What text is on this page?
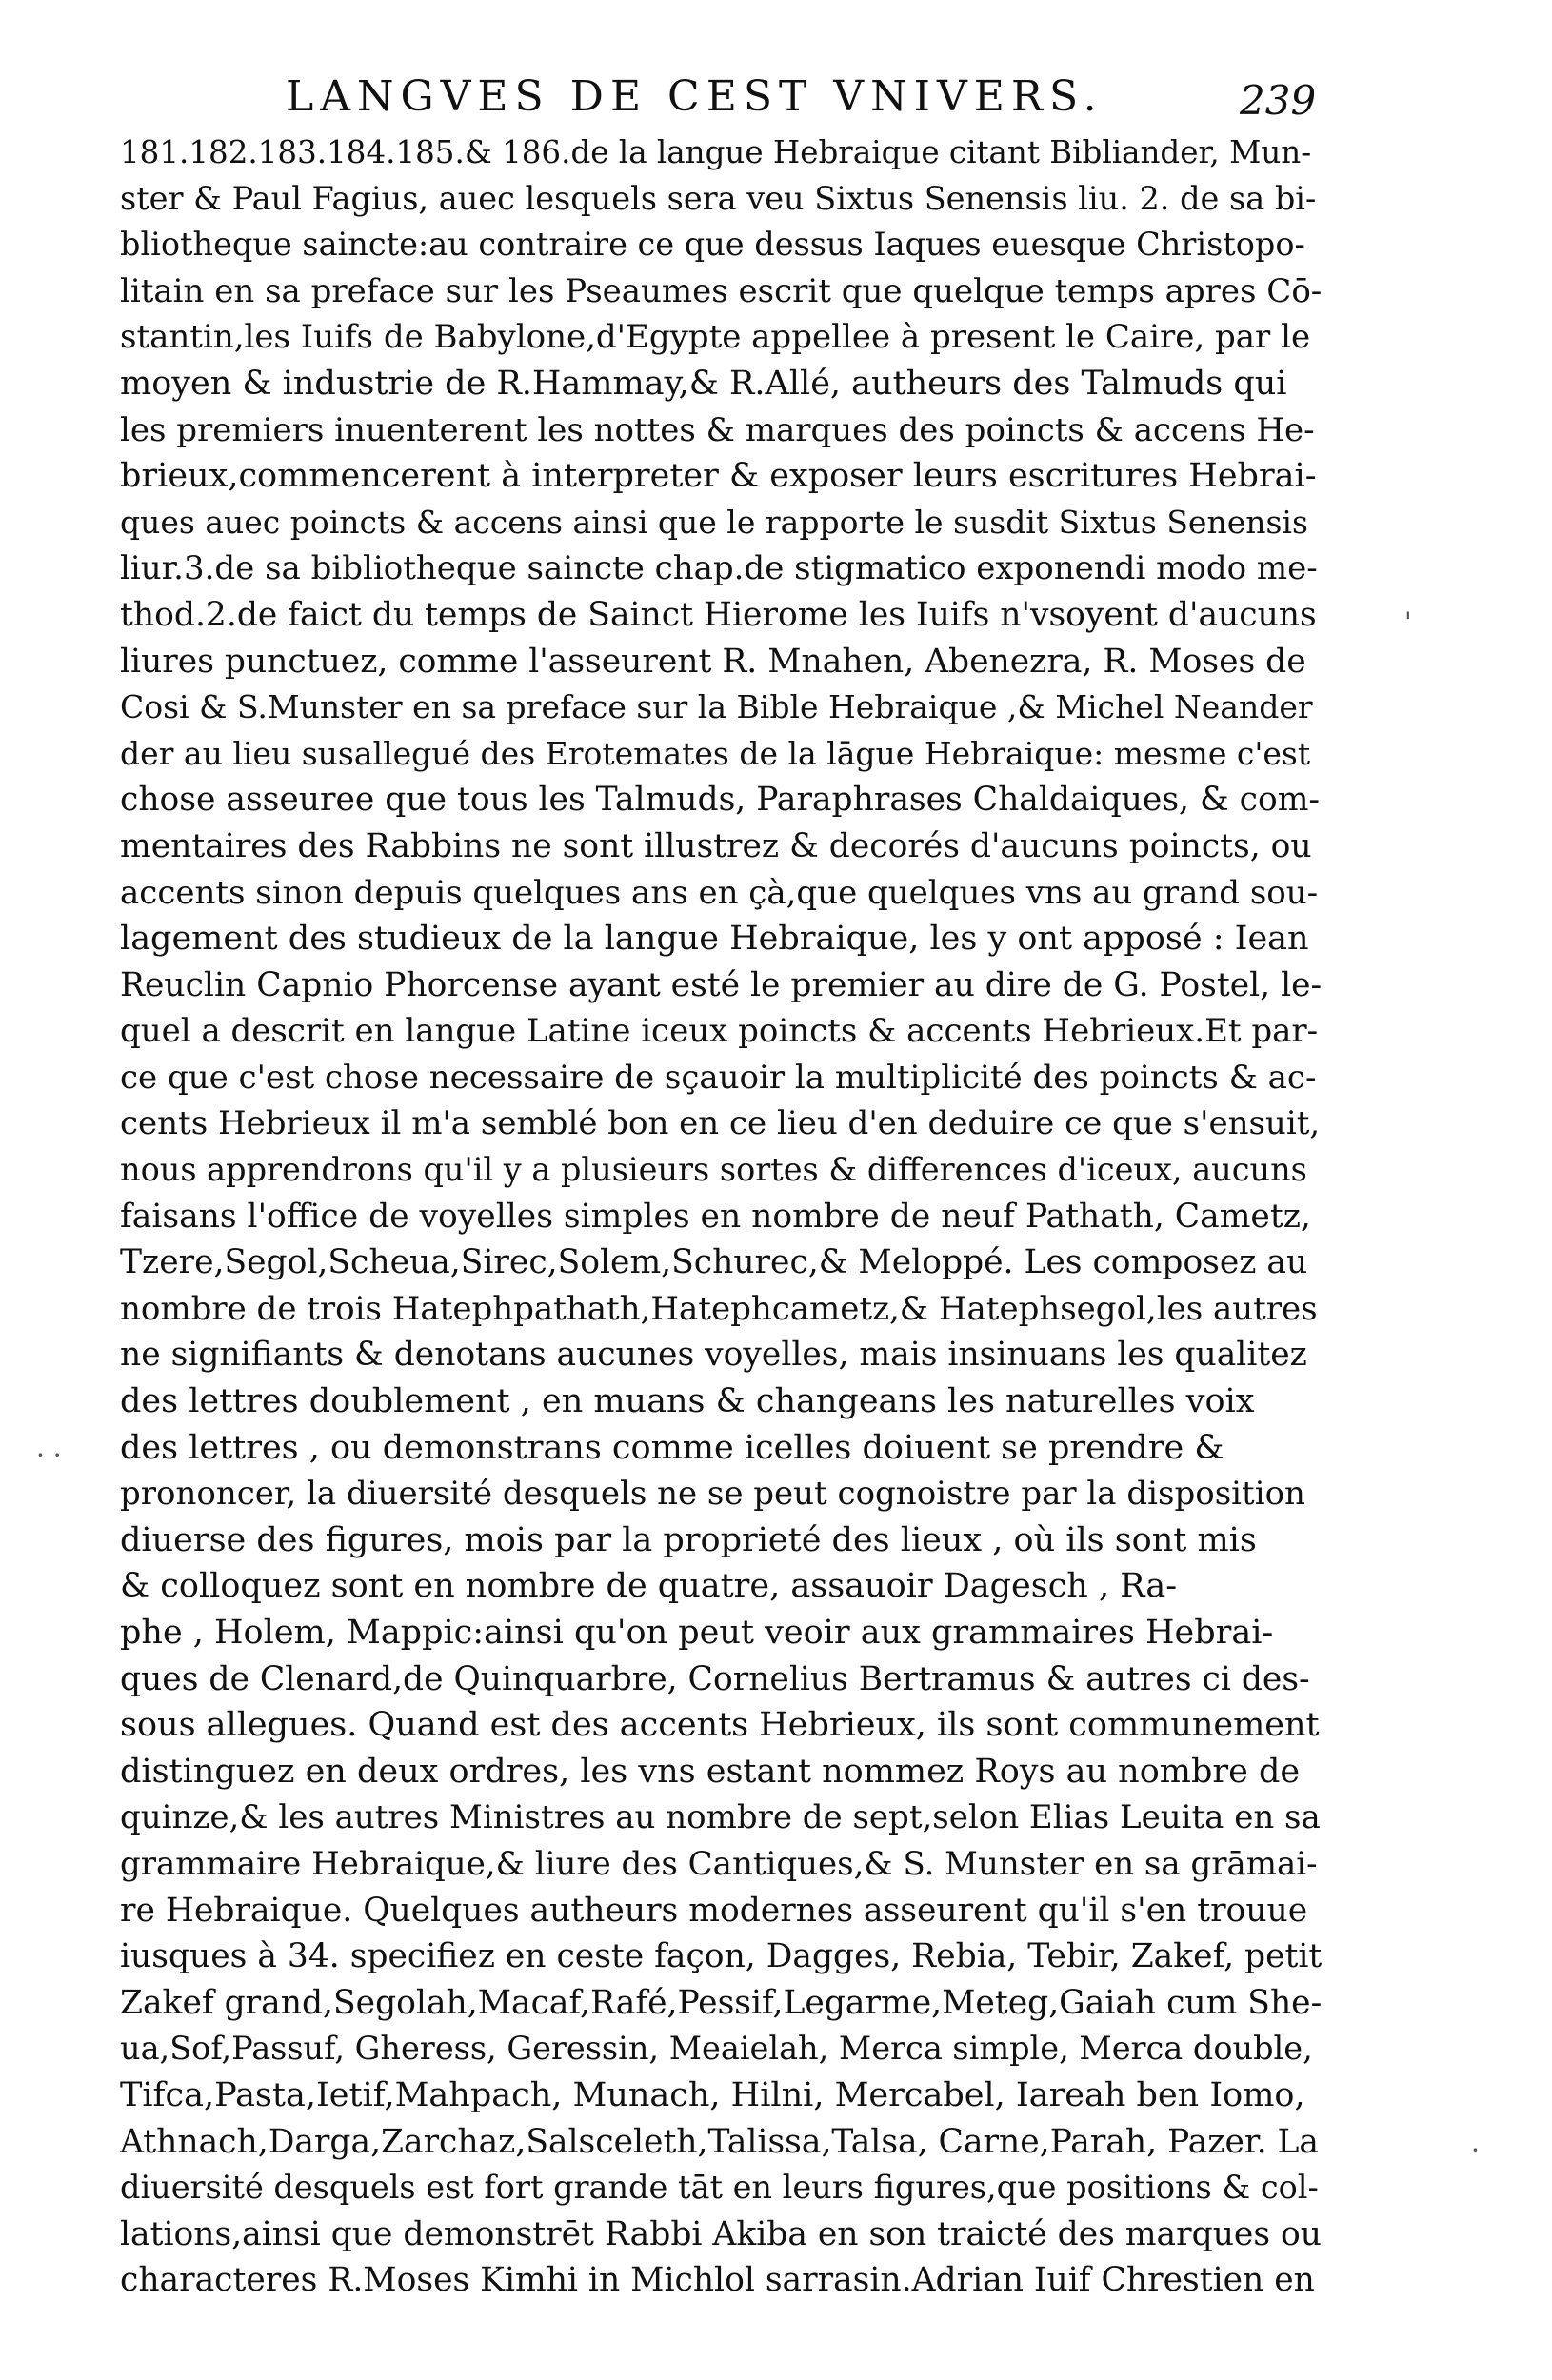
LANGVES DE CEST VNIVERS.	239
181.182.183.184.185.& 186.de la langue Hebraique citant Bibliander, Mun-
ster & Paul Fagius, auec lesquels sera veu Sixtus Senensis liu. 2. de sa bi-
bliotheque saincte:au contraire ce que dessus Iaques euesque Christopo-
litain en sa preface sur les Pseaumes escrit que quelque temps apres Cō-
stantin,les Iuifs de Babylone,d'Egypte appellee à present le Caire, par le
moyen & industrie de R.Hammay,& R.Allé, autheurs des Talmuds qui
les premiers inuenterent les nottes & marques des poincts & accens He-
brieux,commencerent à interpreter & exposer leurs escritures Hebrai-
ques auec poincts & accens ainsi que le rapporte le susdit Sixtus Senensis
liur.3.de sa bibliotheque saincte chap.de stigmatico exponendi modo me-
thod.2.de faict du temps de Sainct Hierome les Iuifs n'vsoyent d'aucuns
liures punctuez, comme l'asseurent R. Mnahen, Abenezra, R. Moses de
Cosi & S.Munster en sa preface sur la Bible Hebraique ,& Michel Neander
der au lieu susallegué des Erotemates de la lāgue Hebraique: mesme c'est
chose asseuree que tous les Talmuds, Paraphrases Chaldaiques, & com-
mentaires des Rabbins ne sont illustrez & decorés d'aucuns poincts, ou
accents sinon depuis quelques ans en çà,que quelques vns au grand sou-
lagement des studieux de la langue Hebraique, les y ont apposé : Iean
Reuclin Capnio Phorcense ayant esté le premier au dire de G. Postel, le-
quel a descrit en langue Latine iceux poincts & accents Hebrieux.Et par-
ce que c'est chose necessaire de sçauoir la multiplicité des poincts & ac-
cents Hebrieux il m'a semblé bon en ce lieu d'en deduire ce que s'ensuit,
nous apprendrons qu'il y a plusieurs sortes & differences d'iceux, aucuns
faisans l'office de voyelles simples en nombre de neuf Pathath, Cametz,
Tzere,Segol,Scheua,Sirec,Solem,Schurec,& Meloppé. Les composez au
nombre de trois Hatephpathath,Hatephcametz,& Hatephsegol,les autres
ne signifiants & denotans aucunes voyelles, mais insinuans les qualitez
des lettres doublement , en muans & changeans les naturelles voix
des lettres , ou demonstrans comme icelles doiuent se prendre &
prononcer, la diuersité desquels ne se peut cognoistre par la disposition
diuerse des figures, mois par la proprieté des lieux , où ils sont mis
& colloquez sont en nombre de quatre, assauoir Dagesch , Ra-
phe , Holem, Mappic:ainsi qu'on peut veoir aux grammaires Hebrai-
ques de Clenard,de Quinquarbre, Cornelius Bertramus & autres ci des-
sous allegues. Quand est des accents Hebrieux, ils sont communement
distinguez en deux ordres, les vns estant nommez Roys au nombre de
quinze,& les autres Ministres au nombre de sept,selon Elias Leuita en sa
grammaire Hebraique,& liure des Cantiques,& S. Munster en sa grāmai-
re Hebraique. Quelques autheurs modernes asseurent qu'il s'en trouue
iusques à 34. specifiez en ceste façon, Dagges, Rebia, Tebir, Zakef, petit
Zakef grand,Segolah,Macaf,Rafé,Pessif,Legarme,Meteg,Gaiah cum She-
ua,Sof,Passuf, Gheress, Geressin, Meaielah, Merca simple, Merca double,
Tifca,Pasta,Ietif,Mahpach, Munach, Hilni, Mercabel, Iareah ben Iomo,
Athnach,Darga,Zarchaz,Salsceleth,Talissa,Talsa, Carne,Parah, Pazer. La
diuersité desquels est fort grande tāt en leurs figures,que positions & col-
lations,ainsi que demonstrēt Rabbi Akiba en son traicté des marques ou
characteres R.Moses Kimhi in Michlol sarrasin.Adrian Iuif Chrestien en
'
· ·
·
